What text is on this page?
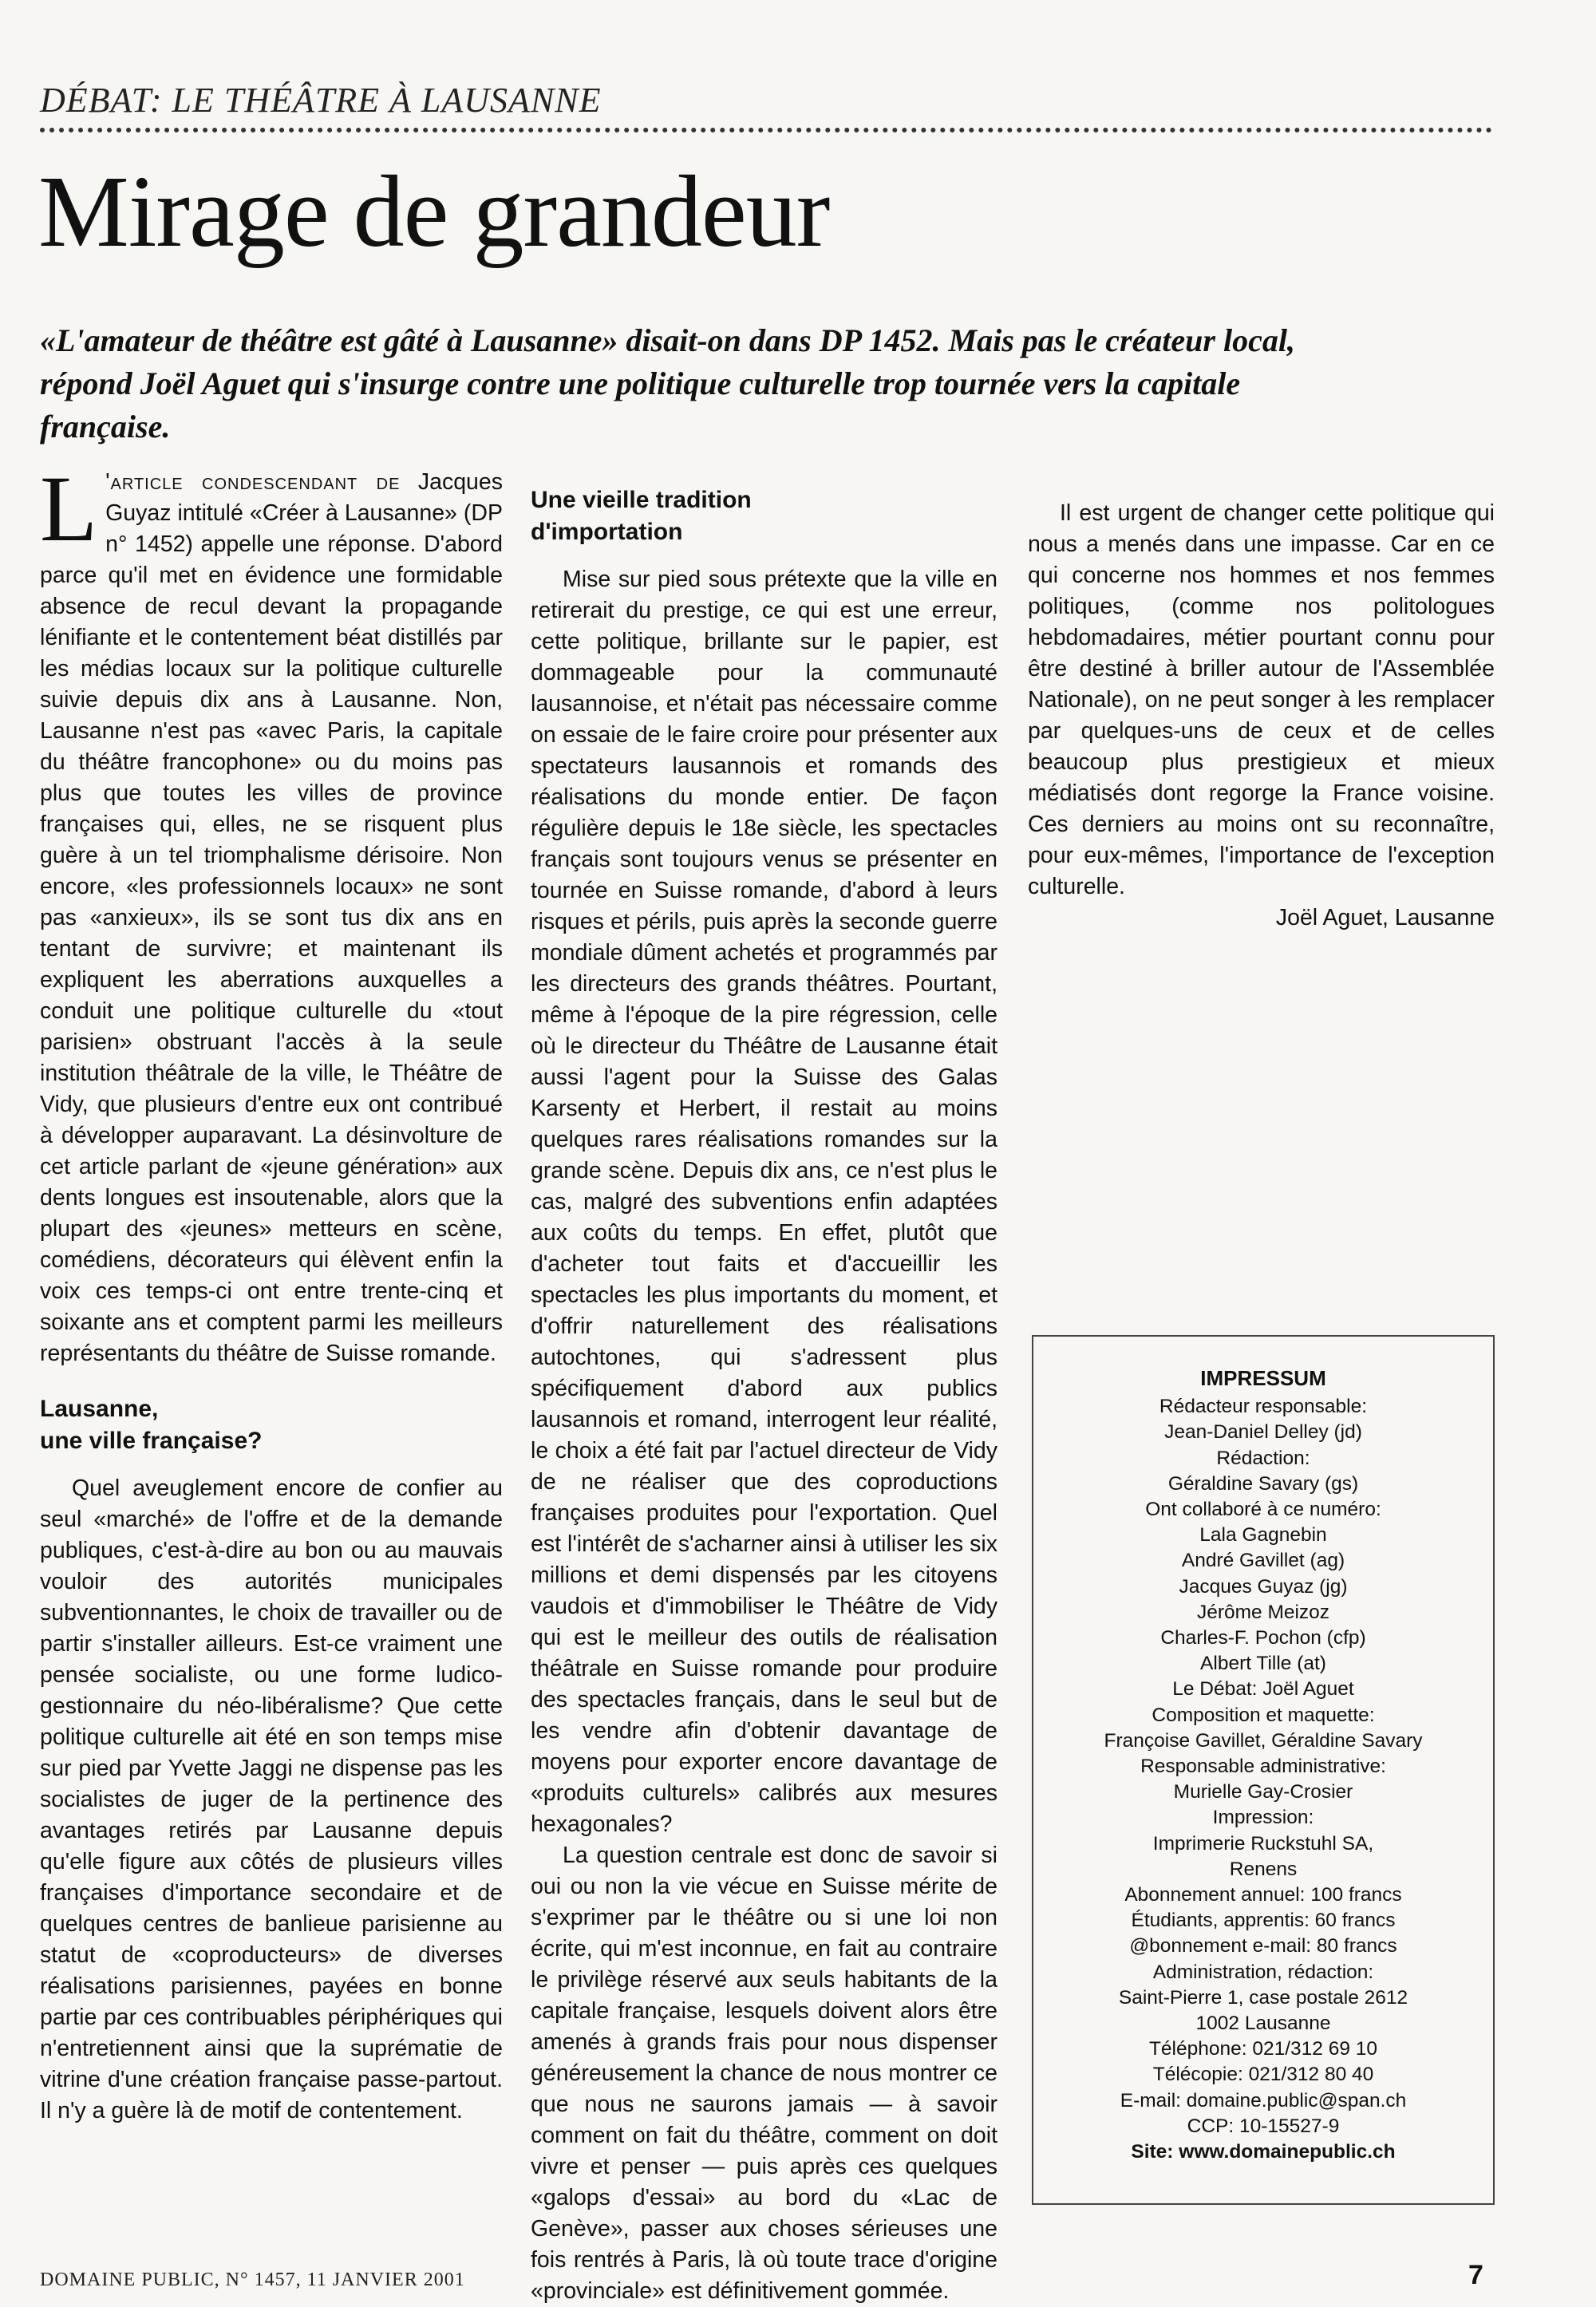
DÉBAT: LE THÉÂTRE À LAUSANNE
Mirage de grandeur

«L'amateur de théâtre est gâté à Lausanne» disait-on dans DP 1452. Mais pas le créateur local, répond Joël Aguet qui s'insurge contre une politique culturelle trop tournée vers la capitale française.

L 'article condescendant de Jacques Guyaz intitulé «Créer à Lausanne» (DP n° 1452) appelle une réponse. D'abord parce qu'il met en évidence une formidable absence de recul devant la propagande lénifiante et le contentement béat distillés par les médias locaux sur la politique culturelle suivie depuis dix ans à Lausanne. Non, Lausanne n'est pas «avec Paris, la capitale du théâtre francophone» ou du moins pas plus que toutes les villes de province françaises qui, elles, ne se risquent plus guère à un tel triomphalisme dérisoire. Non encore, «les professionnels locaux» ne sont pas «anxieux», ils se sont tus dix ans en tentant de survivre; et maintenant ils expliquent les aberrations auxquelles a conduit une politique culturelle du «tout parisien» obstruant l'accès à la seule institution théâtrale de la ville, le Théâtre de Vidy, que plusieurs d'entre eux ont contribué à développer auparavant. La désinvolture de cet article parlant de «jeune génération» aux dents longues est insoutenable, alors que la plupart des «jeunes» metteurs en scène, comédiens, décorateurs qui élèvent enfin la voix ces temps-ci ont entre trente-cinq et soixante ans et comptent parmi les meilleurs représentants du théâtre de Suisse romande.

Lausanne,
une ville française?

Quel aveuglement encore de confier au seul «marché» de l'offre et de la demande publiques, c'est-à-dire au bon ou au mauvais vouloir des autorités municipales subventionnantes, le choix de travailler ou de partir s'installer ailleurs. Est-ce vraiment une pensée socialiste, ou une forme ludico-gestionnaire du néo-libéralisme? Que cette politique culturelle ait été en son temps mise sur pied par Yvette Jaggi ne dispense pas les socialistes de juger de la pertinence des avantages retirés par Lausanne depuis qu'elle figure aux côtés de plusieurs villes françaises d'importance secondaire et de quelques centres de banlieue parisienne au statut de «coproducteurs» de diverses réalisations parisiennes, payées en bonne partie par ces contribuables périphériques qui n'entretiennent ainsi que la suprématie de vitrine d'une création française passe-partout. Il n'y a guère là de motif de contentement.

Une vieille tradition
d'importation

Mise sur pied sous prétexte que la ville en retirerait du prestige, ce qui est une erreur, cette politique, brillante sur le papier, est dommageable pour la communauté lausannoise, et n'était pas nécessaire comme on essaie de le faire croire pour présenter aux spectateurs lausannois et romands des réalisations du monde entier. De façon régulière depuis le 18e siècle, les spectacles français sont toujours venus se présenter en tournée en Suisse romande, d'abord à leurs risques et périls, puis après la seconde guerre mondiale dûment achetés et programmés par les directeurs des grands théâtres. Pourtant, même à l'époque de la pire régression, celle où le directeur du Théâtre de Lausanne était aussi l'agent pour la Suisse des Galas Karsenty et Herbert, il restait au moins quelques rares réalisations romandes sur la grande scène. Depuis dix ans, ce n'est plus le cas, malgré des subventions enfin adaptées aux coûts du temps. En effet, plutôt que d'acheter tout faits et d'accueillir les spectacles les plus importants du moment, et d'offrir naturellement des réalisations autochtones, qui s'adressent plus spécifiquement d'abord aux publics lausannois et romand, interrogent leur réalité, le choix a été fait par l'actuel directeur de Vidy de ne réaliser que des coproductions françaises produites pour l'exportation. Quel est l'intérêt de s'acharner ainsi à utiliser les six millions et demi dispensés par les citoyens vaudois et d'immobiliser le Théâtre de Vidy qui est le meilleur des outils de réalisation théâtrale en Suisse romande pour produire des spectacles français, dans le seul but de les vendre afin d'obtenir davantage de moyens pour exporter encore davantage de «produits culturels» calibrés aux mesures hexagonales?

La question centrale est donc de savoir si oui ou non la vie vécue en Suisse mérite de s'exprimer par le théâtre ou si une loi non écrite, qui m'est inconnue, en fait au contraire le privilège réservé aux seuls habitants de la capitale française, lesquels doivent alors être amenés à grands frais pour nous dispenser généreusement la chance de nous montrer ce que nous ne saurons jamais — à savoir comment on fait du théâtre, comment on doit vivre et penser — puis après ces quelques «galops d'essai» au bord du «Lac de Genève», passer aux choses sérieuses une fois rentrés à Paris, là où toute trace d'origine «provinciale» est définitivement gommée.

Il est urgent de changer cette politique qui nous a menés dans une impasse. Car en ce qui concerne nos hommes et nos femmes politiques, (comme nos politologues hebdomadaires, métier pourtant connu pour être destiné à briller autour de l'Assemblée Nationale), on ne peut songer à les remplacer par quelques-uns de ceux et de celles beaucoup plus prestigieux et mieux médiatisés dont regorge la France voisine. Ces derniers au moins ont su reconnaître, pour eux-mêmes, l'importance de l'exception culturelle.

Joël Aguet, Lausanne

IMPRESSUM
Rédacteur responsable:
Jean-Daniel Delley (jd)
Rédaction:
Géraldine Savary (gs)
Ont collaboré à ce numéro:
Lala Gagnebin
André Gavillet (ag)
Jacques Guyaz (jg)
Jérôme Meizoz
Charles-F. Pochon (cfp)
Albert Tille (at)
Le Débat: Joël Aguet
Composition et maquette:
Françoise Gavillet, Géraldine Savary
Responsable administrative:
Murielle Gay-Crosier
Impression:
Imprimerie Ruckstuhl SA,
Renens
Abonnement annuel: 100 francs
Étudiants, apprentis: 60 francs
@bonnement e-mail: 80 francs
Administration, rédaction:
Saint-Pierre 1, case postale 2612
1002 Lausanne
Téléphone: 021/312 69 10
Télécopie: 021/312 80 40
E-mail: domaine.public@span.ch
CCP: 10-15527-9
Site: www.domainepublic.ch
DOMAINE PUBLIC, N° 1457, 11 JANVIER 2001	7
